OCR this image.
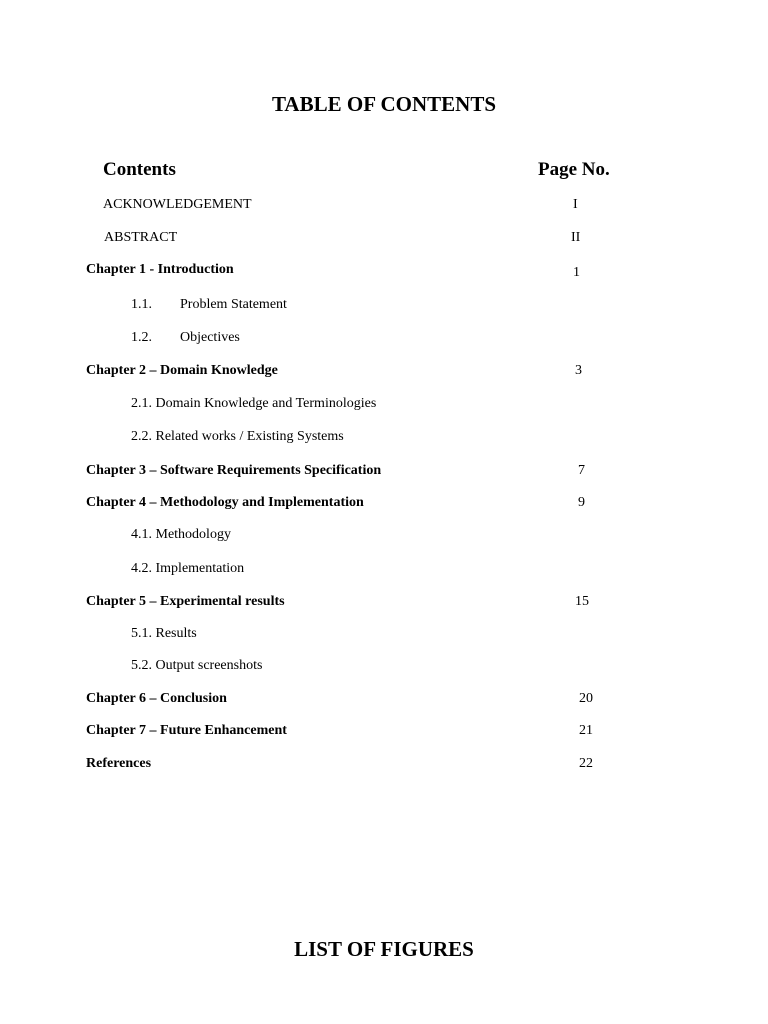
TABLE OF CONTENTS
Contents	Page No.
ACKNOWLEDGEMENT	I
ABSTRACT	II
Chapter 1 - Introduction	1
1.1. Problem Statement
1.2. Objectives
Chapter 2 – Domain Knowledge	3
2.1. Domain Knowledge and Terminologies
2.2. Related works / Existing Systems
Chapter 3 – Software Requirements Specification	7
Chapter 4 – Methodology and Implementation	9
4.1. Methodology
4.2. Implementation
Chapter 5 – Experimental results	15
5.1. Results
5.2. Output screenshots
Chapter 6 – Conclusion	20
Chapter 7 – Future Enhancement	21
References	22
LIST OF FIGURES
